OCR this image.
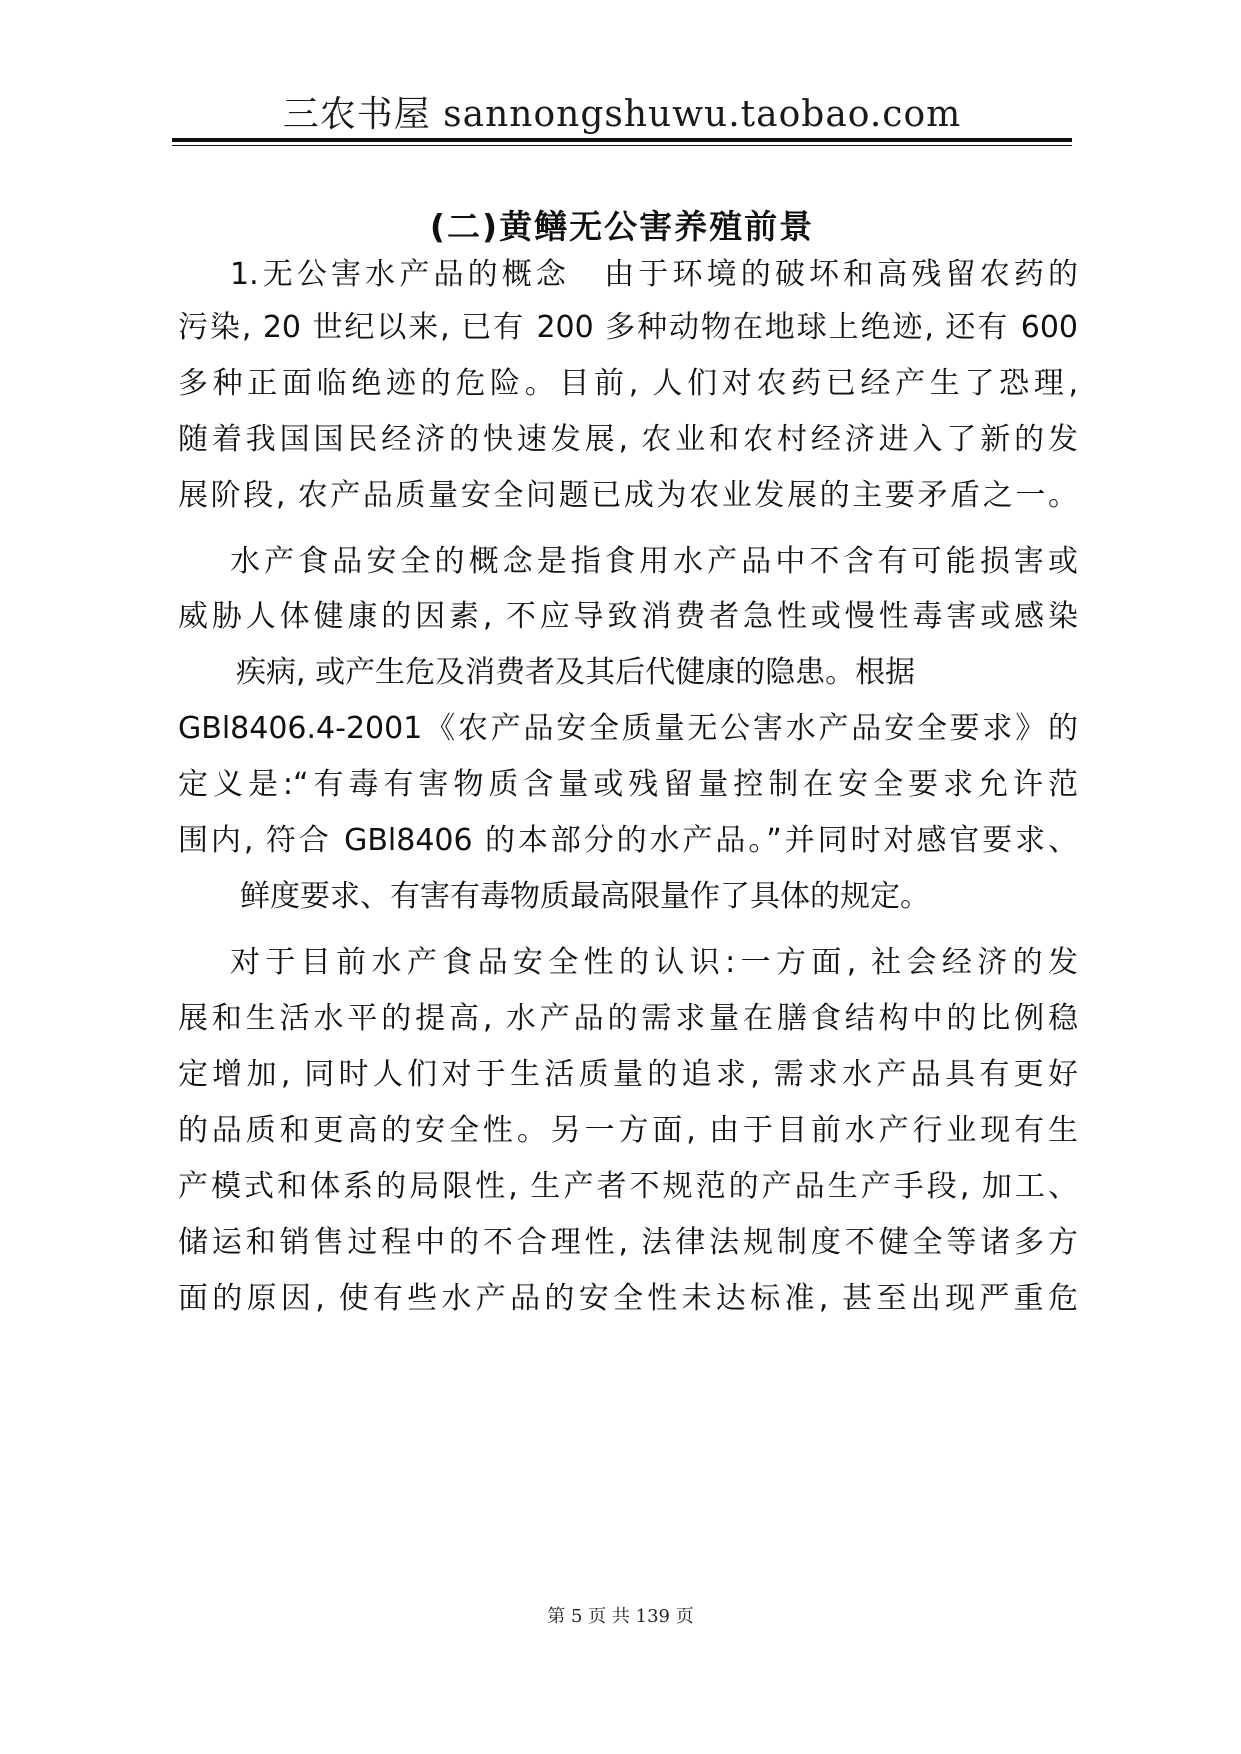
三农书屋 sannongshuwu.taobao.com
(二)黄鳝无公害养殖前景
1.无公害水产品的概念　由于环境的破坏和高残留农药的
污染, 20 世纪以来, 已有 200 多种动物在地球上绝迹, 还有 600
多种正面临绝迹的危险。目前, 人们对农药已经产生了恐理,
随着我国国民经济的快速发展, 农业和农村经济进入了新的发
展阶段, 农产品质量安全问题已成为农业发展的主要矛盾之一。
水产食品安全的概念是指食用水产品中不含有可能损害或
威胁人体健康的因素, 不应导致消费者急性或慢性毒害或感染
疾病, 或产生危及消费者及其后代健康的隐患。根据
GBl8406.4-2001《农产品安全质量无公害水产品安全要求》的
定义是:“有毒有害物质含量或残留量控制在安全要求允许范
围内, 符合 GBl8406 的本部分的水产品。”并同时对感官要求、
鲜度要求、有害有毒物质最高限量作了具体的规定。
对于目前水产食品安全性的认识:一方面, 社会经济的发
展和生活水平的提高, 水产品的需求量在膳食结构中的比例稳
定增加, 同时人们对于生活质量的追求, 需求水产品具有更好
的品质和更高的安全性。另一方面, 由于目前水产行业现有生
产模式和体系的局限性, 生产者不规范的产品生产手段, 加工、
储运和销售过程中的不合理性, 法律法规制度不健全等诸多方
面的原因, 使有些水产品的安全性未达标准, 甚至出现严重危
第 5 页 共 139 页
